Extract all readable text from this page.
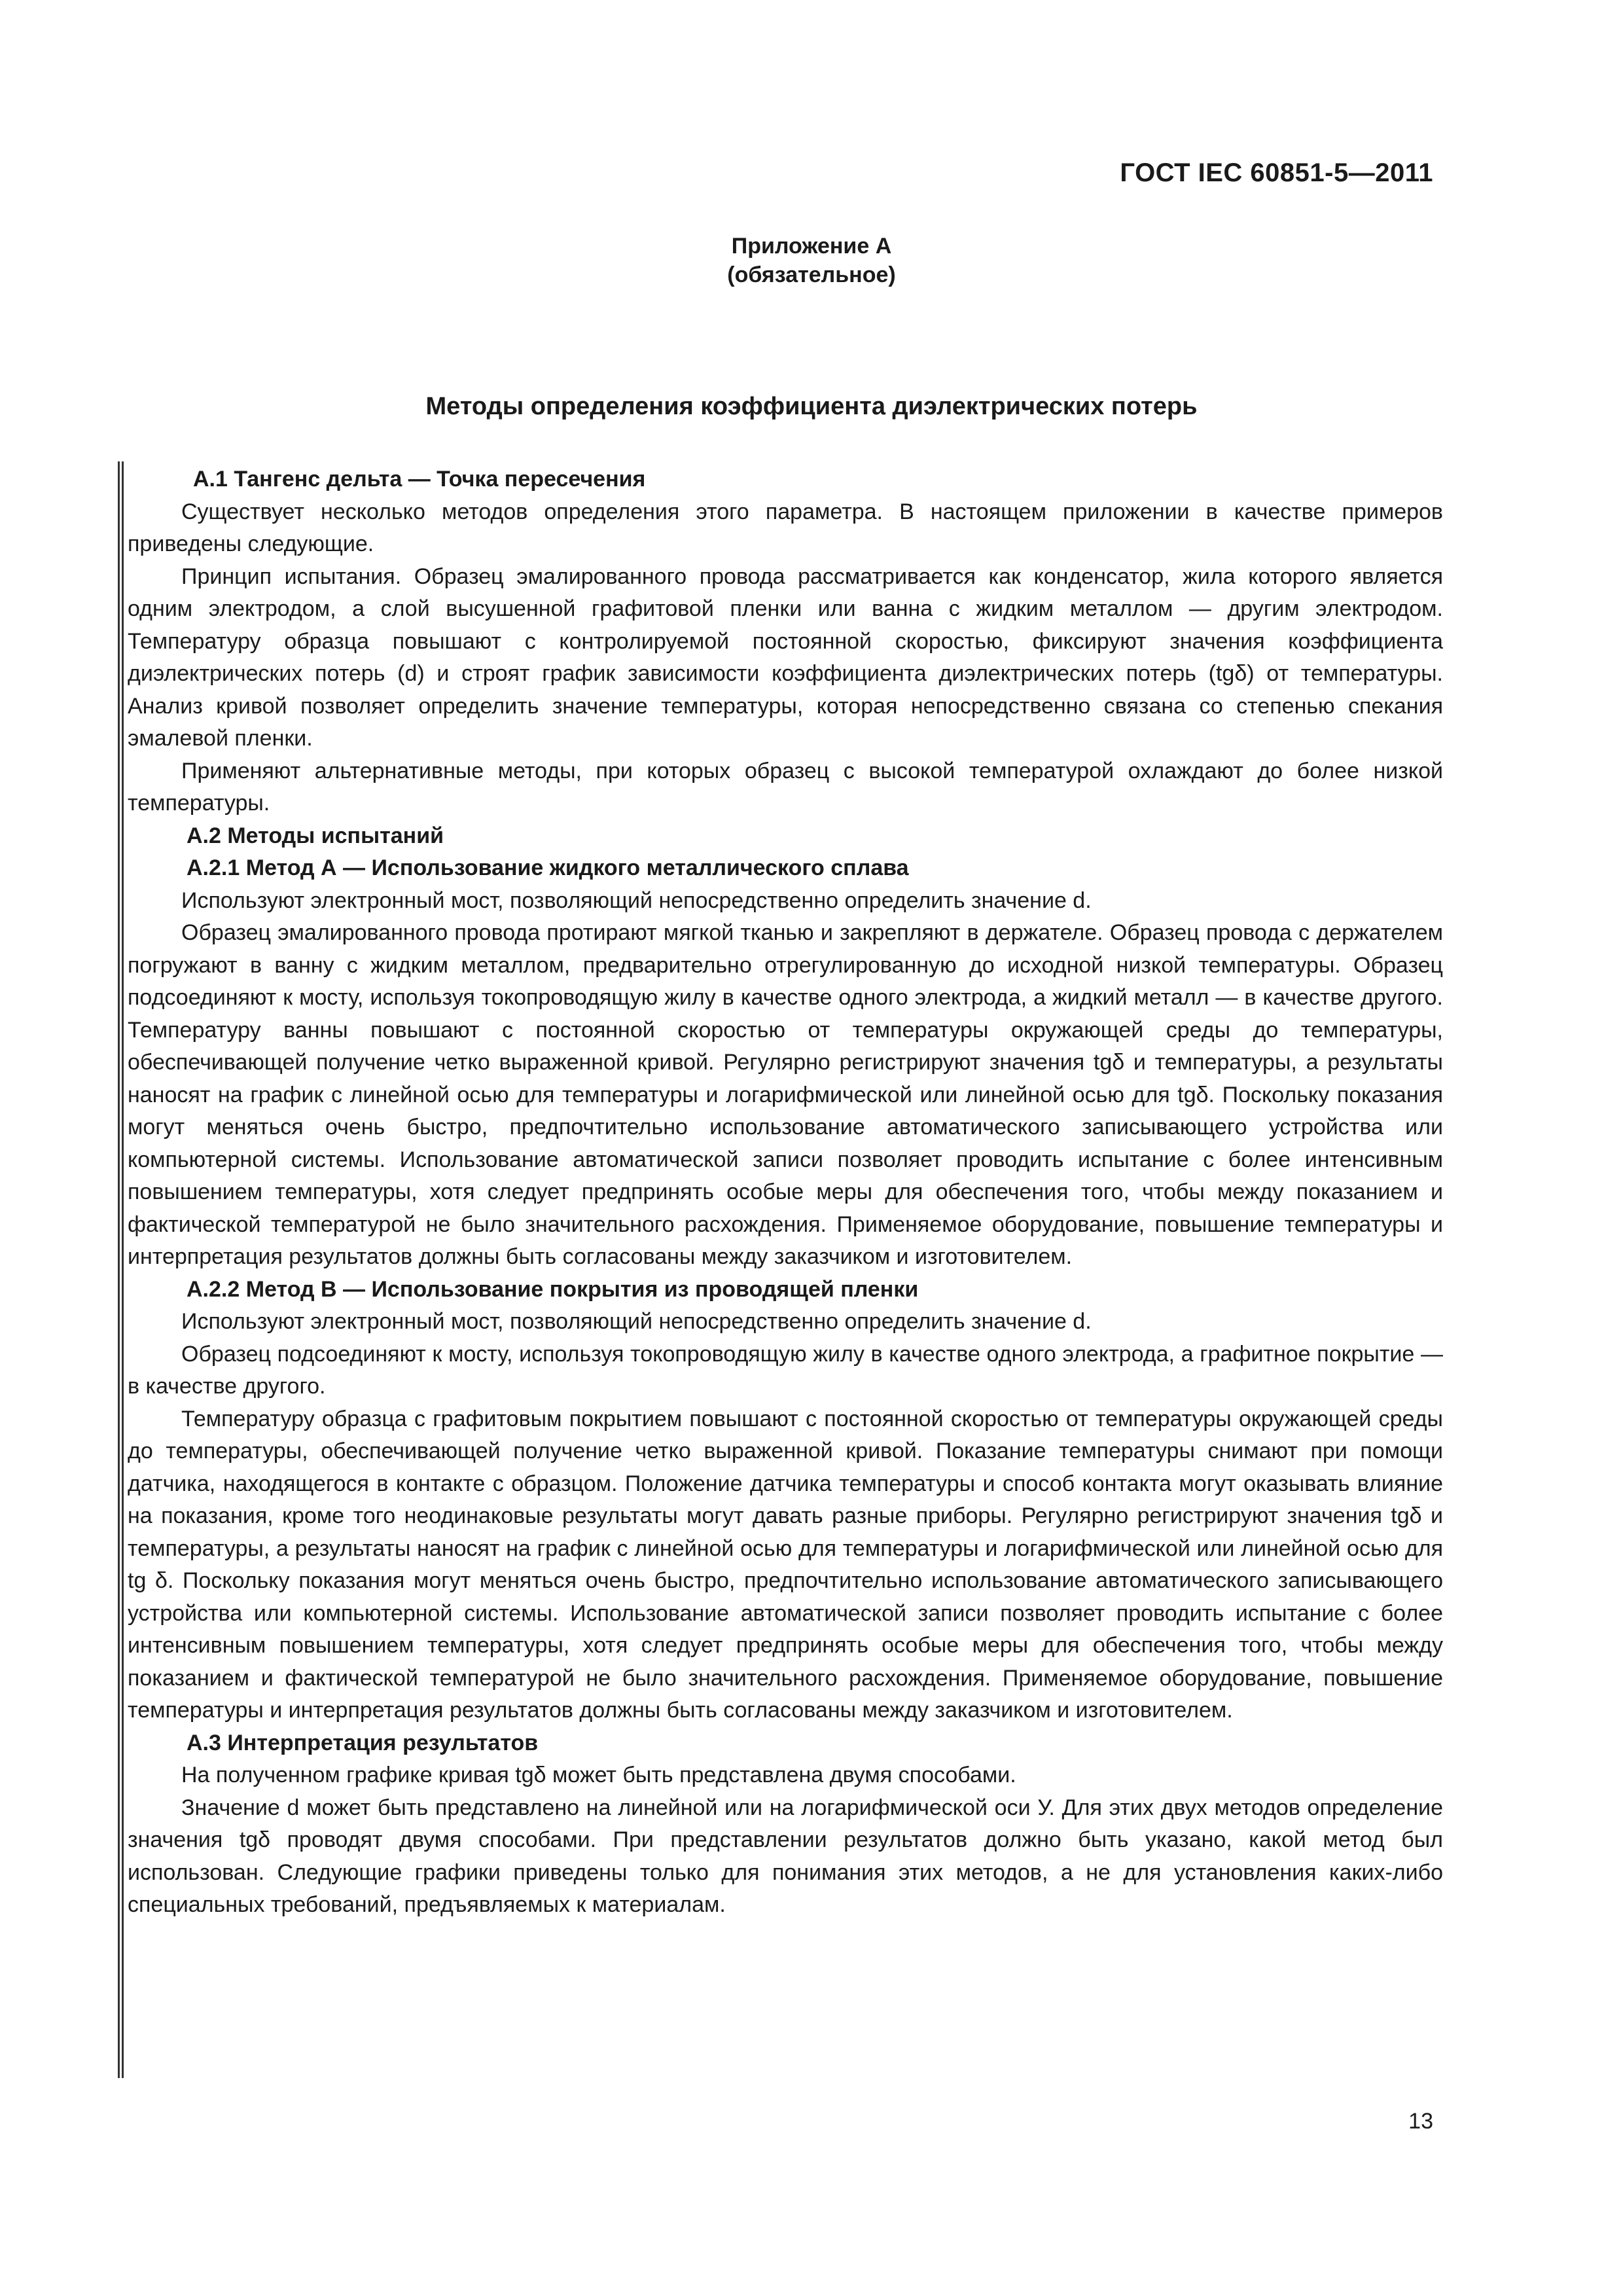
ГОСТ IEC 60851-5—2011
Приложение А
(обязательное)
Методы определения коэффициента диэлектрических потерь
А.1 Тангенс дельта — Точка пересечения

Существует несколько методов определения этого параметра. В настоящем приложении в качестве примеров приведены следующие.

Принцип испытания. Образец эмалированного провода рассматривается как конденсатор, жила которого является одним электродом, а слой высушенной графитовой пленки или ванна с жидким металлом — другим электродом. Температуру образца повышают с контролируемой постоянной скоростью, фиксируют значения коэффициента диэлектрических потерь (d) и строят график зависимости коэффициента диэлектрических потерь (tgδ) от температуры. Анализ кривой позволяет определить значение температуры, которая непосредственно связана со степенью спекания эмалевой пленки.

Применяют альтернативные методы, при которых образец с высокой температурой охлаждают до более низкой температуры.

А.2 Методы испытаний
А.2.1 Метод А — Использование жидкого металлического сплава

Используют электронный мост, позволяющий непосредственно определить значение d.

Образец эмалированного провода протирают мягкой тканью и закрепляют в держателе. Образец провода с держателем погружают в ванну с жидким металлом, предварительно отрегулированную до исходной низкой температуры. Образец подсоединяют к мосту, используя токопроводящую жилу в качестве одного электрода, а жидкий металл — в качестве другого. Температуру ванны повышают с постоянной скоростью от температуры окружающей среды до температуры, обеспечивающей получение четко выраженной кривой. Регулярно регистрируют значения tgδ и температуры, а результаты наносят на график с линейной осью для температуры и логарифмической или линейной осью для tgδ. Поскольку показания могут меняться очень быстро, предпочтительно использование автоматического записывающего устройства или компьютерной системы. Использование автоматической записи позволяет проводить испытание с более интенсивным повышением температуры, хотя следует предпринять особые меры для обеспечения того, чтобы между показанием и фактической температурой не было значительного расхождения. Применяемое оборудование, повышение температуры и интерпретация результатов должны быть согласованы между заказчиком и изготовителем.

А.2.2 Метод В — Использование покрытия из проводящей пленки

Используют электронный мост, позволяющий непосредственно определить значение d.

Образец подсоединяют к мосту, используя токопроводящую жилу в качестве одного электрода, а графитное покрытие — в качестве другого.

Температуру образца с графитовым покрытием повышают с постоянной скоростью от температуры окружающей среды до температуры, обеспечивающей получение четко выраженной кривой. Показание температуры снимают при помощи датчика, находящегося в контакте с образцом. Положение датчика температуры и способ контакта могут оказывать влияние на показания, кроме того неодинаковые результаты могут давать разные приборы. Регулярно регистрируют значения tgδ и температуры, а результаты наносят на график с линейной осью для температуры и логарифмической или линейной осью для tg δ. Поскольку показания могут меняться очень быстро, предпочтительно использование автоматического записывающего устройства или компьютерной системы. Использование автоматической записи позволяет проводить испытание с более интенсивным повышением температуры, хотя следует предпринять особые меры для обеспечения того, чтобы между показанием и фактической температурой не было значительного расхождения. Применяемое оборудование, повышение температуры и интерпретация результатов должны быть согласованы между заказчиком и изготовителем.

А.3 Интерпретация результатов

На полученном графике кривая tgδ может быть представлена двумя способами.

Значение d может быть представлено на линейной или на логарифмической оси У. Для этих двух методов определение значения tgδ проводят двумя способами. При представлении результатов должно быть указано, какой метод был использован. Следующие графики приведены только для понимания этих методов, а не для установления каких-либо специальных требований, предъявляемых к материалам.

13
